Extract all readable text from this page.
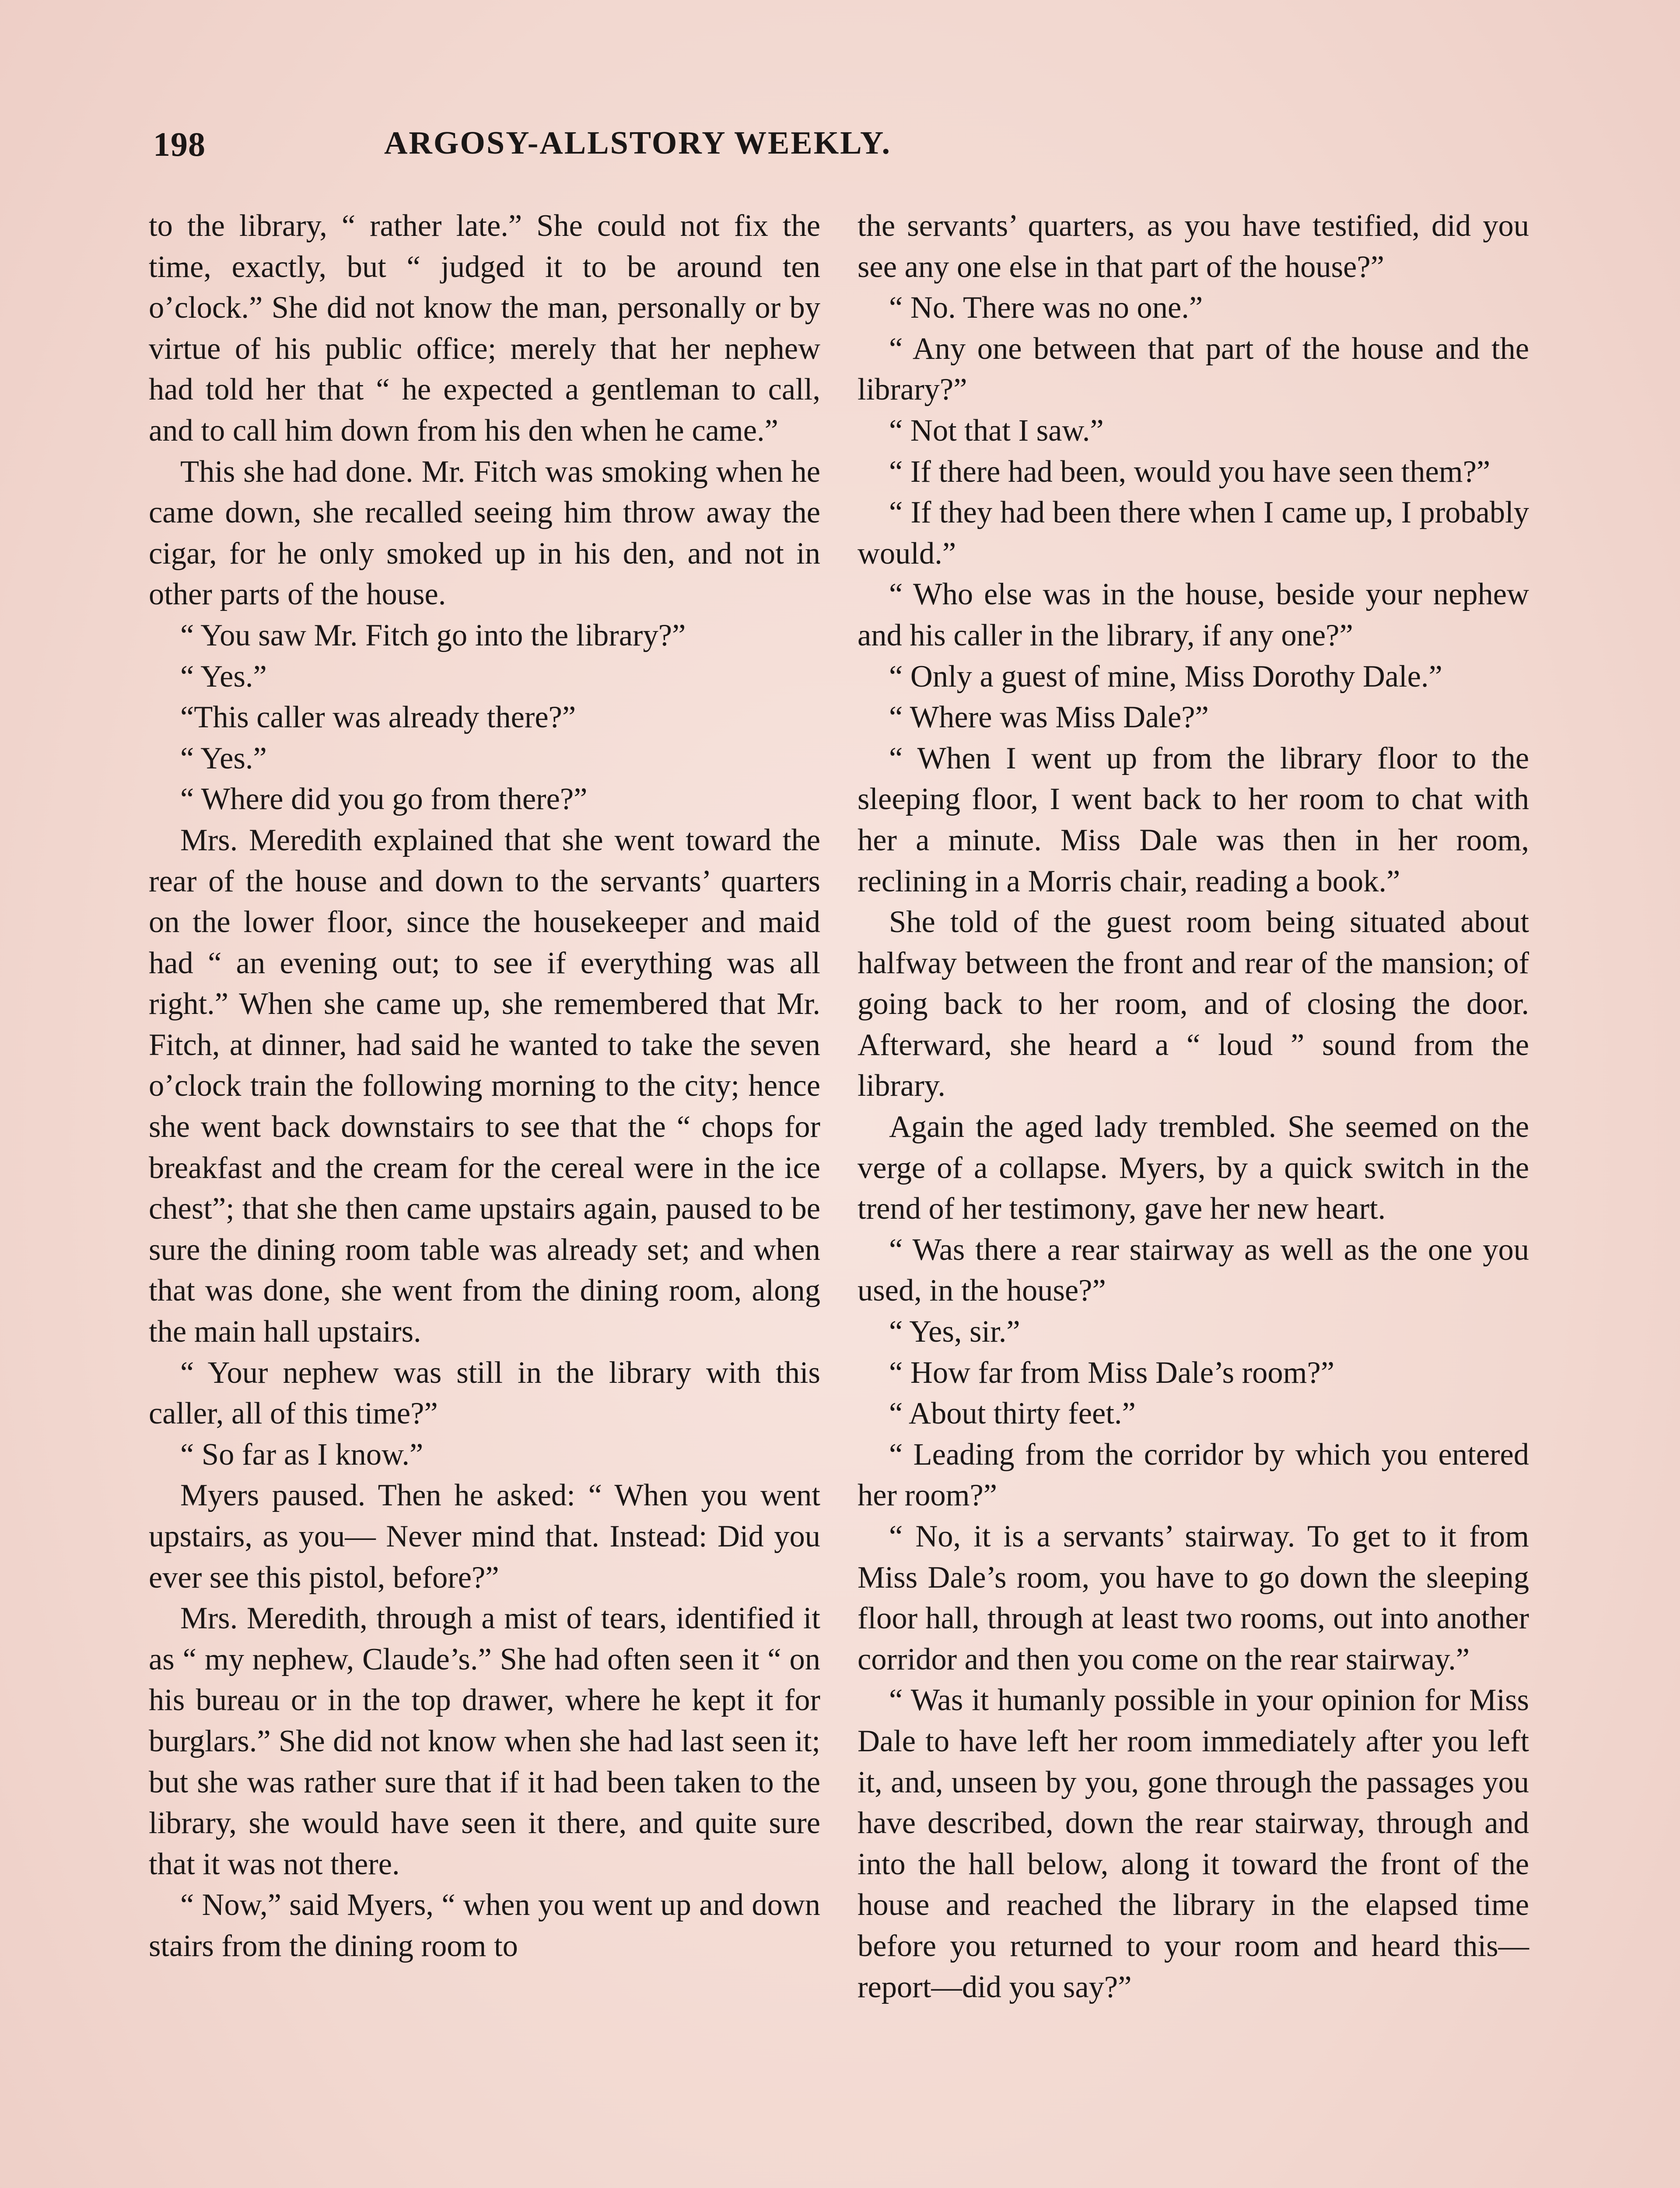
198	ARGOSY-ALLSTORY WEEKLY.

to the library, “ rather late.” She could not fix the time, exactly, but “ judged it to be around ten o’clock.” She did not know the man, personally or by virtue of his public office; merely that her nephew had told her that “ he expected a gentleman to call, and to call him down from his den when he came.”

This she had done. Mr. Fitch was smoking when he came down, she recalled seeing him throw away the cigar, for he only smoked up in his den, and not in other parts of the house.

“ You saw Mr. Fitch go into the library?”

“ Yes.”

“This caller was already there?”

“ Yes.”

“ Where did you go from there?”

Mrs. Meredith explained that she went toward the rear of the house and down to the servants’ quarters on the lower floor, since the housekeeper and maid had “ an evening out; to see if everything was all right.” When she came up, she remembered that Mr. Fitch, at dinner, had said he wanted to take the seven o’clock train the following morning to the city; hence she went back downstairs to see that the “ chops for breakfast and the cream for the cereal were in the ice chest”; that she then came upstairs again, paused to be sure the dining room table was already set; and when that was done, she went from the dining room, along the main hall upstairs.

“ Your nephew was still in the library with this caller, all of this time?”

“ So far as I know.”

Myers paused. Then he asked: “ When you went upstairs, as you— Never mind that. Instead: Did you ever see this pistol, before?”

Mrs. Meredith, through a mist of tears, identified it as “ my nephew, Claude’s.” She had often seen it “ on his bureau or in the top drawer, where he kept it for burglars.” She did not know when she had last seen it; but she was rather sure that if it had been taken to the library, she would have seen it there, and quite sure that it was not there.

“ Now,” said Myers, “ when you went up and down stairs from the dining room to

the servants’ quarters, as you have testified, did you see any one else in that part of the house?”

“ No. There was no one.”

“ Any one between that part of the house and the library?”

“ Not that I saw.”

“ If there had been, would you have seen them?”

“ If they had been there when I came up, I probably would.”

“ Who else was in the house, beside your nephew and his caller in the library, if any one?”

“ Only a guest of mine, Miss Dorothy Dale.”

“ Where was Miss Dale?”

“ When I went up from the library floor to the sleeping floor, I went back to her room to chat with her a minute. Miss Dale was then in her room, reclining in a Morris chair, reading a book.”

She told of the guest room being situated about halfway between the front and rear of the mansion; of going back to her room, and of closing the door. Afterward, she heard a “ loud ” sound from the library.

Again the aged lady trembled. She seemed on the verge of a collapse. Myers, by a quick switch in the trend of her testimony, gave her new heart.

“ Was there a rear stairway as well as the one you used, in the house?”

“ Yes, sir.”

“ How far from Miss Dale’s room?”

“ About thirty feet.”

“ Leading from the corridor by which you entered her room?”

“ No, it is a servants’ stairway. To get to it from Miss Dale’s room, you have to go down the sleeping floor hall, through at least two rooms, out into another corridor and then you come on the rear stairway.”

“ Was it humanly possible in your opinion for Miss Dale to have left her room immediately after you left it, and, unseen by you, gone through the passages you have described, down the rear stairway, through and into the hall below, along it toward the front of the house and reached the library in the elapsed time before you returned to your room and heard this—report—did you say?”
